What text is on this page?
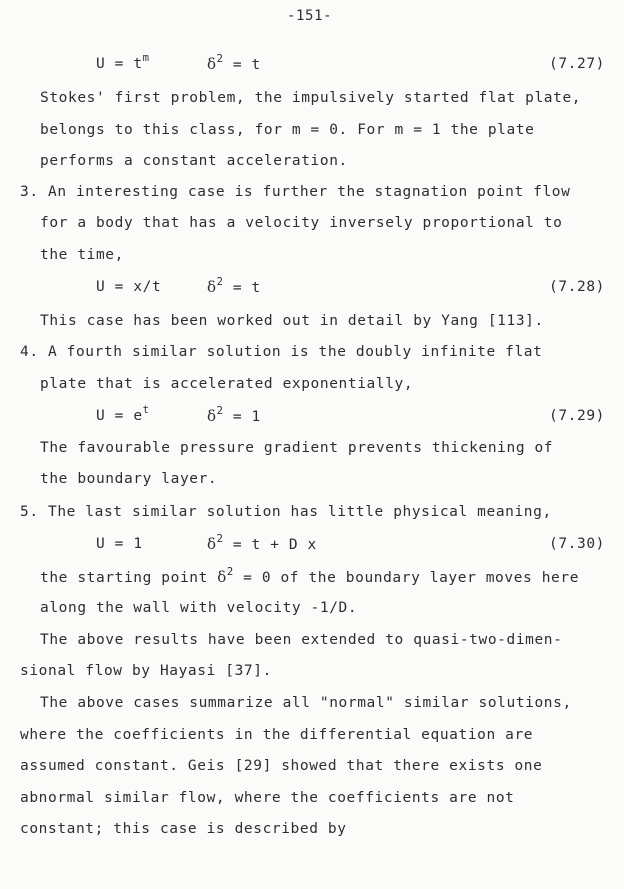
-151-
$U = t^m$	$\delta^2 = t$	(7.27)
Stokes' first problem, the impulsively started flat plate,
belongs to this class, for m = 0. For m = 1 the plate
performs a constant acceleration.
3. An interesting case is further the stagnation point flow
for a body that has a velocity inversely proportional to
the time,
U = x/t	$\delta^2 = t$	(7.28)
This case has been worked out in detail by Yang [113].
4. A fourth similar solution is the doubly infinite flat
plate that is accelerated exponentially,
$U = e^t$	$\delta^2 = 1$	(7.29)
The favourable pressure gradient prevents thickening of
the boundary layer.
5. The last similar solution has little physical meaning,
U = 1	$\delta^2 = t + D$ x	(7.30)
the starting point $\delta^2 = 0$ of the boundary layer moves here
along the wall with velocity -1/D.
The above results have been extended to quasi-two-dimen-
sional flow by Hayasi [37].
The above cases summarize all "normal" similar solutions,
where the coefficients in the differential equation are
assumed constant. Geis [29] showed that there exists one
abnormal similar flow, where the coefficients are not
constant; this case is described by
